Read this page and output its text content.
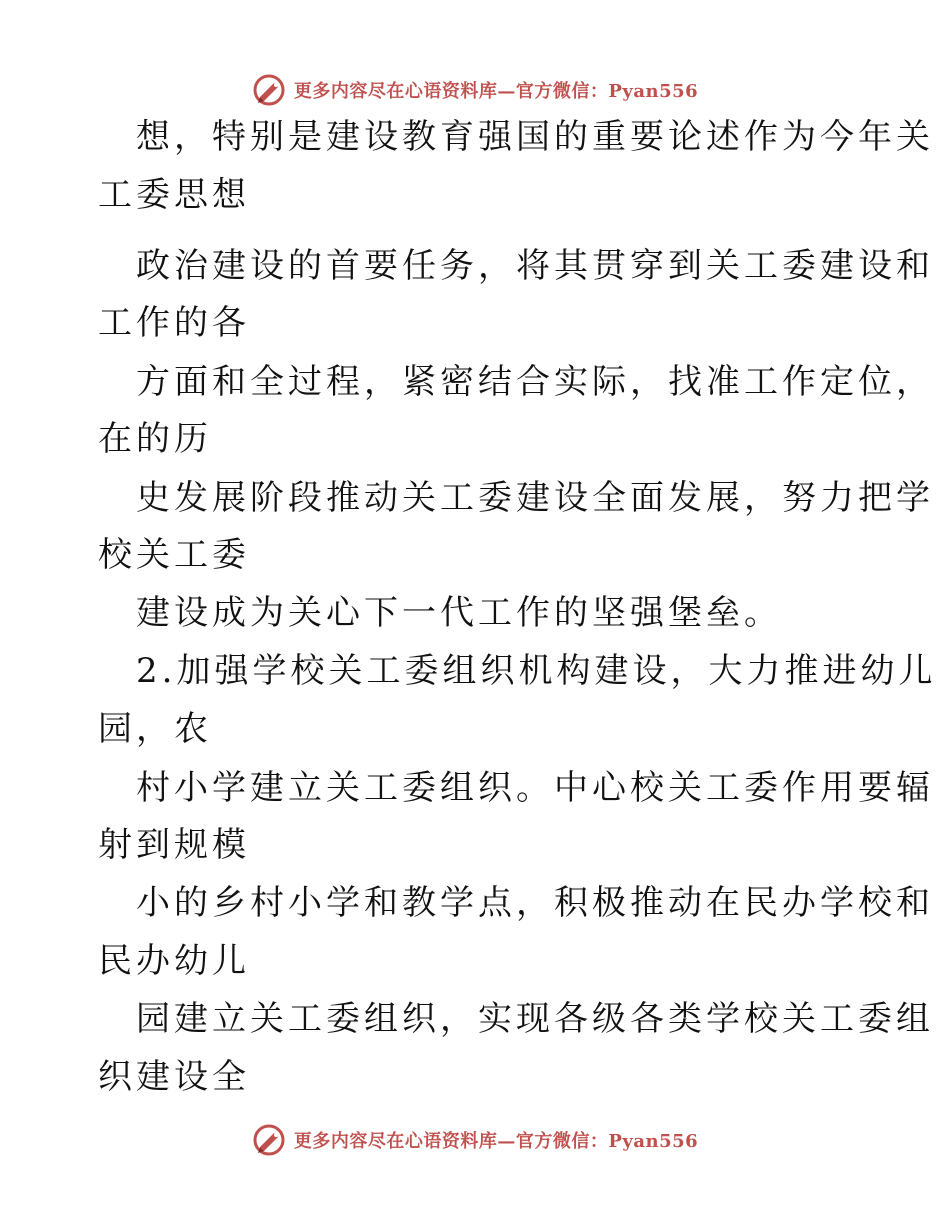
更多内容尽在心语资料库—官方微信：Pyan556
想，特别是建设教育强国的重要论述作为今年关
工委思想
政治建设的首要任务，将其贯穿到关工委建设和
工作的各
方面和全过程，紧密结合实际，找准工作定位，
在的历
史发展阶段推动关工委建设全面发展，努力把学
校关工委
建设成为关心下一代工作的坚强堡垒。
2.加强学校关工委组织机构建设，大力推进幼儿
园，农
村小学建立关工委组织。中心校关工委作用要辐
射到规模
小的乡村小学和教学点，积极推动在民办学校和
民办幼儿
园建立关工委组织，实现各级各类学校关工委组
织建设全
更多内容尽在心语资料库—官方微信：Pyan556
